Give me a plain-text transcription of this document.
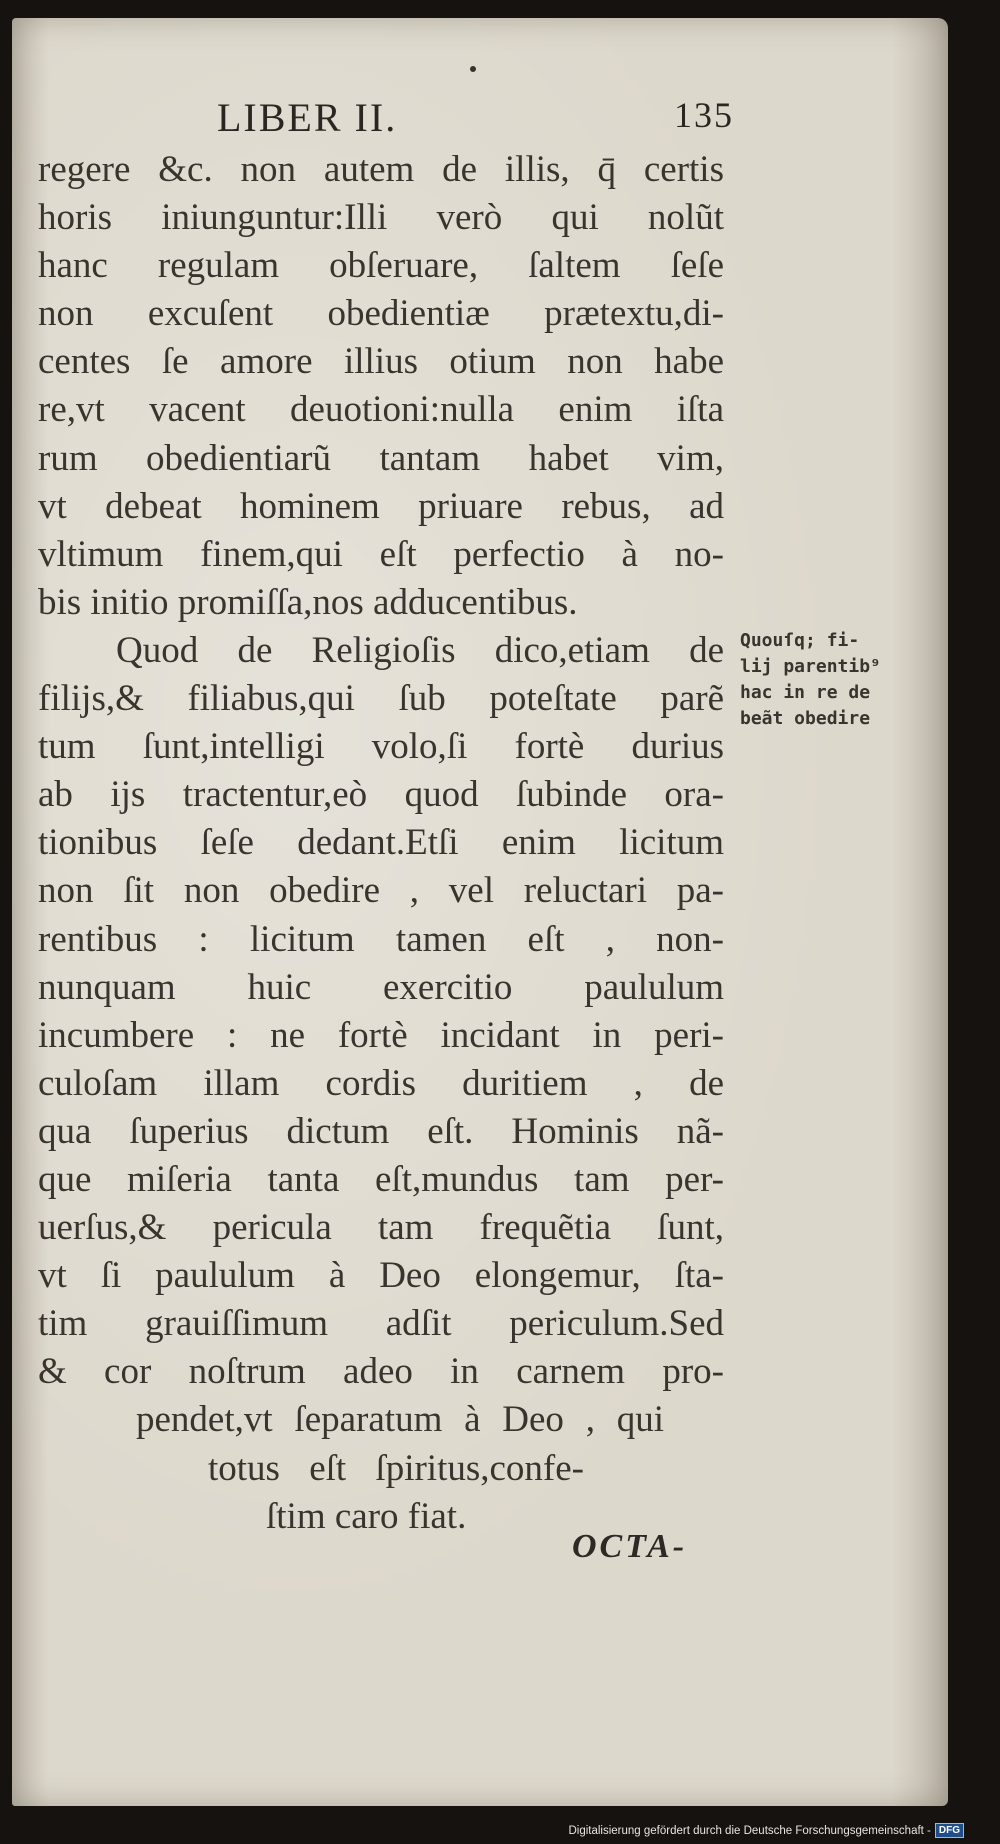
LIBER II.	135
regere &c. non autem de illis, q̄ certis
horis iniunguntur:Illi verò qui nolũt
hanc regulam obſeruare, ſaltem ſeſe
non excuſent obedientiæ prætextu,di-
centes ſe amore illius otium non habe
re,vt vacent deuotioni:nulla enim iſta
rum obedientiarũ tantam habet vim,
vt debeat hominem priuare rebus, ad
vltimum finem,qui eſt perfectio à no-
bis initio promiſſa,nos adducentibus.
Quod de Religioſis dico,etiam de
filijs,& filiabus,qui ſub poteſtate parẽ
tum ſunt,intelligi volo,ſi fortè durius
ab ijs tractentur,eò quod ſubinde ora-
tionibus ſeſe dedant.Etſi enim licitum
non ſit non obedire , vel reluctari pa-
rentibus : licitum tamen eſt , non-
nunquam huic exercitio paululum
incumbere : ne fortè incidant in peri-
culoſam illam cordis duritiem , de
qua ſuperius dictum eſt. Hominis nã-
que miſeria tanta eſt,mundus tam per-
uerſus,& pericula tam frequẽtia ſunt,
vt ſi paululum à Deo elongemur, ſta-
tim grauiſſimum adſit periculum.Sed
& cor noſtrum adeo in carnem pro-
pendet,vt ſeparatum à Deo , qui
totus eſt ſpiritus,confe-
ſtim caro fiat.
Quouſq; fi-
lij parentib⁹
hac in re de
beãt obedire
OCTA-
Digitalisierung gefördert durch die Deutsche Forschungsgemeinschaft - DFG
